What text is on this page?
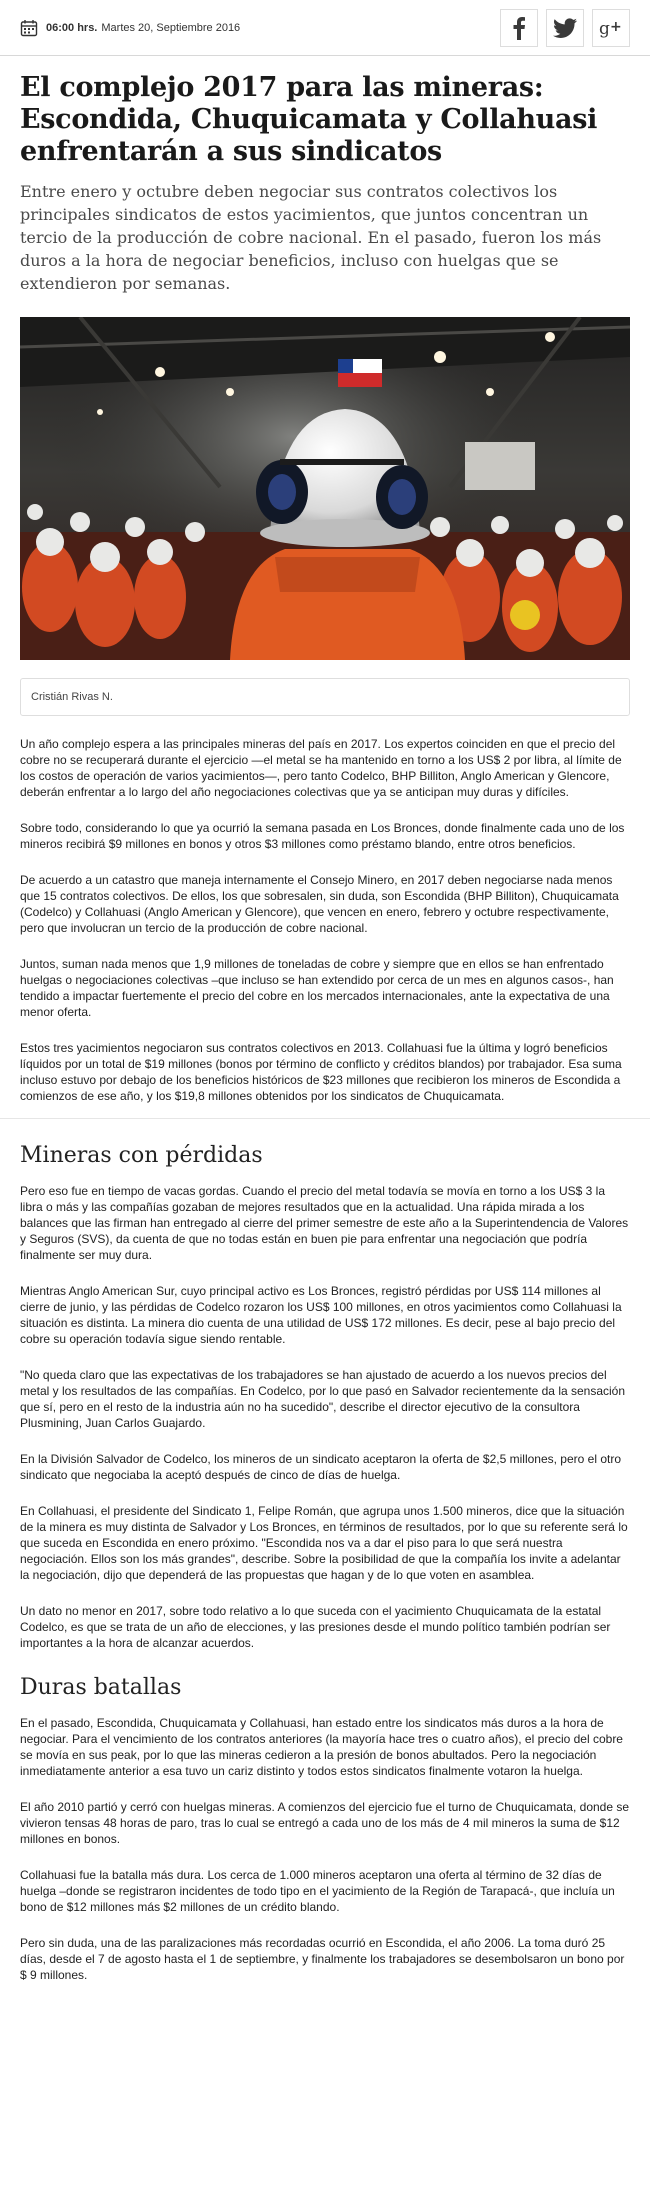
06:00 hrs. Martes 20, Septiembre 2016	g +
El complejo 2017 para las mineras: Escondida, Chuquicamata y Collahuasi enfrentarán a sus sindicatos

Entre enero y octubre deben negociar sus contratos colectivos los principales sindicatos de estos yacimientos, que juntos concentran un tercio de la producción de cobre nacional. En el pasado, fueron los más duros a la hora de negociar beneficios, incluso con huelgas que se extendieron por semanas.

Cristián Rivas N.

Un año complejo espera a las principales mineras del país en 2017. Los expertos coinciden en que el precio del cobre no se recuperará durante el ejercicio —el metal se ha mantenido en torno a los US$ 2 por libra, al límite de los costos de operación de varios yacimientos—, pero tanto Codelco, BHP Billiton, Anglo American y Glencore, deberán enfrentar a lo largo del año negociaciones colectivas que ya se anticipan muy duras y difíciles.

Sobre todo, considerando lo que ya ocurrió la semana pasada en Los Bronces, donde finalmente cada uno de los mineros recibirá $9 millones en bonos y otros $3 millones como préstamo blando, entre otros beneficios.

De acuerdo a un catastro que maneja internamente el Consejo Minero, en 2017 deben negociarse nada menos que 15 contratos colectivos. De ellos, los que sobresalen, sin duda, son Escondida (BHP Billiton), Chuquicamata (Codelco) y Collahuasi (Anglo American y Glencore), que vencen en enero, febrero y octubre respectivamente, pero que involucran un tercio de la producción de cobre nacional.

Juntos, suman nada menos que 1,9 millones de toneladas de cobre y siempre que en ellos se han enfrentado huelgas o negociaciones colectivas –que incluso se han extendido por cerca de un mes en algunos casos-, han tendido a impactar fuertemente el precio del cobre en los mercados internacionales, ante la expectativa de una menor oferta.

Estos tres yacimientos negociaron sus contratos colectivos en 2013. Collahuasi fue la última y logró beneficios líquidos por un total de $19 millones (bonos por término de conflicto y créditos blandos) por trabajador. Esa suma incluso estuvo por debajo de los beneficios históricos de $23 millones que recibieron los mineros de Escondida a comienzos de ese año, y los $19,8 millones obtenidos por los sindicatos de Chuquicamata.

Mineras con pérdidas

Pero eso fue en tiempo de vacas gordas. Cuando el precio del metal todavía se movía en torno a los US$ 3 la libra o más y las compañías gozaban de mejores resultados que en la actualidad. Una rápida mirada a los balances que las firman han entregado al cierre del primer semestre de este año a la Superintendencia de Valores y Seguros (SVS), da cuenta de que no todas están en buen pie para enfrentar una negociación que podría finalmente ser muy dura.

Mientras Anglo American Sur, cuyo principal activo es Los Bronces, registró pérdidas por US$ 114 millones al cierre de junio, y las pérdidas de Codelco rozaron los US$ 100 millones, en otros yacimientos como Collahuasi la situación es distinta. La minera dio cuenta de una utilidad de US$ 172 millones. Es decir, pese al bajo precio del cobre su operación todavía sigue siendo rentable.

"No queda claro que las expectativas de los trabajadores se han ajustado de acuerdo a los nuevos precios del metal y los resultados de las compañías. En Codelco, por lo que pasó en Salvador recientemente da la sensación que sí, pero en el resto de la industria aún no ha sucedido", describe el director ejecutivo de la consultora Plusmining, Juan Carlos Guajardo.

En la División Salvador de Codelco, los mineros de un sindicato aceptaron la oferta de $2,5 millones, pero el otro sindicato que negociaba la aceptó después de cinco de días de huelga.

En Collahuasi, el presidente del Sindicato 1, Felipe Román, que agrupa unos 1.500 mineros, dice que la situación de la minera es muy distinta de Salvador y Los Bronces, en términos de resultados, por lo que su referente será lo que suceda en Escondida en enero próximo. "Escondida nos va a dar el piso para lo que será nuestra negociación. Ellos son los más grandes", describe. Sobre la posibilidad de que la compañía los invite a adelantar la negociación, dijo que dependerá de las propuestas que hagan y de lo que voten en asamblea.

Un dato no menor en 2017, sobre todo relativo a lo que suceda con el yacimiento Chuquicamata de la estatal Codelco, es que se trata de un año de elecciones, y las presiones desde el mundo político también podrían ser importantes a la hora de alcanzar acuerdos.

Duras batallas

En el pasado, Escondida, Chuquicamata y Collahuasi, han estado entre los sindicatos más duros a la hora de negociar. Para el vencimiento de los contratos anteriores (la mayoría hace tres o cuatro años), el precio del cobre se movía en sus peak, por lo que las mineras cedieron a la presión de bonos abultados. Pero la negociación inmediatamente anterior a esa tuvo un cariz distinto y todos estos sindicatos finalmente votaron la huelga.

El año 2010 partió y cerró con huelgas mineras. A comienzos del ejercicio fue el turno de Chuquicamata, donde se vivieron tensas 48 horas de paro, tras lo cual se entregó a cada uno de los más de 4 mil mineros la suma de $12 millones en bonos.

Collahuasi fue la batalla más dura. Los cerca de 1.000 mineros aceptaron una oferta al término de 32 días de huelga –donde se registraron incidentes de todo tipo en el yacimiento de la Región de Tarapacá-, que incluía un bono de $12 millones más $2 millones de un crédito blando.

Pero sin duda, una de las paralizaciones más recordadas ocurrió en Escondida, el año 2006. La toma duró 25 días, desde el 7 de agosto hasta el 1 de septiembre, y finalmente los trabajadores se desembolsaron un bono por $ 9 millones.
